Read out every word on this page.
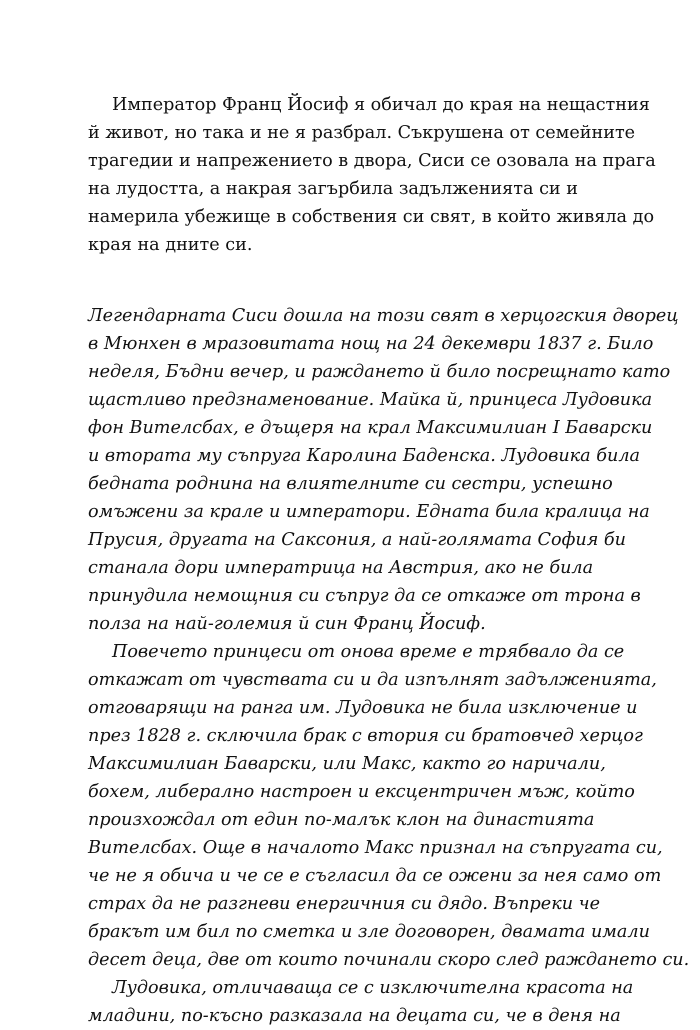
Император Франц Йосиф я обичал до края на нещастния
й живот, но така и не я разбрал. Съкрушена от семейните
трагедии и напрежението в двора, Сиси се озовала на прага
на лудостта, а накрая загърбила задълженията си и
намерила убежище в собствения си свят, в който живяла до
края на дните си.
Легендарната Сиси дошла на този свят в херцогския дворец
в Мюнхен в мразовитата нощ на 24 декември 1837 г. Било
неделя, Бъдни вечер, и раждането й било посрещнато като
щастливо предзнаменование. Майка й, принцеса Лудовика
фон Вителсбах, е дъщеря на крал Максимилиан I Баварски
и втората му съпруга Каролина Баденска. Лудовика била
бедната роднина на влиятелните си сестри, успешно
омъжени за крале и императори. Едната била кралица на
Прусия, другата на Саксония, а най-голямата София би
станала дори императрица на Австрия, ако не била
принудила немощния си съпруг да се откаже от трона в
полза на най-големия й син Франц Йосиф.
Повечето принцеси от онова време е трябвало да се
откажат от чувствата си и да изпълнят задълженията,
отговарящи на ранга им. Лудовика не била изключение и
през 1828 г. сключила брак с втория си братовчед херцог
Максимилиан Баварски, или Макс, както го наричали,
бохем, либерално настроен и ексцентричен мъж, който
произхождал от един по-малък клон на династията
Вителсбах. Още в началото Макс признал на съпругата си,
че не я обича и че се е съгласил да се ожени за нея само от
страх да не разгневи енергичния си дядо. Въпреки че
бракът им бил по сметка и зле договорен, двамата имали
десет деца, две от които починали скоро след раждането си.
Лудовика, отличаваща се с изключителна красота на
младини, по-късно разказала на децата си, че в деня на
